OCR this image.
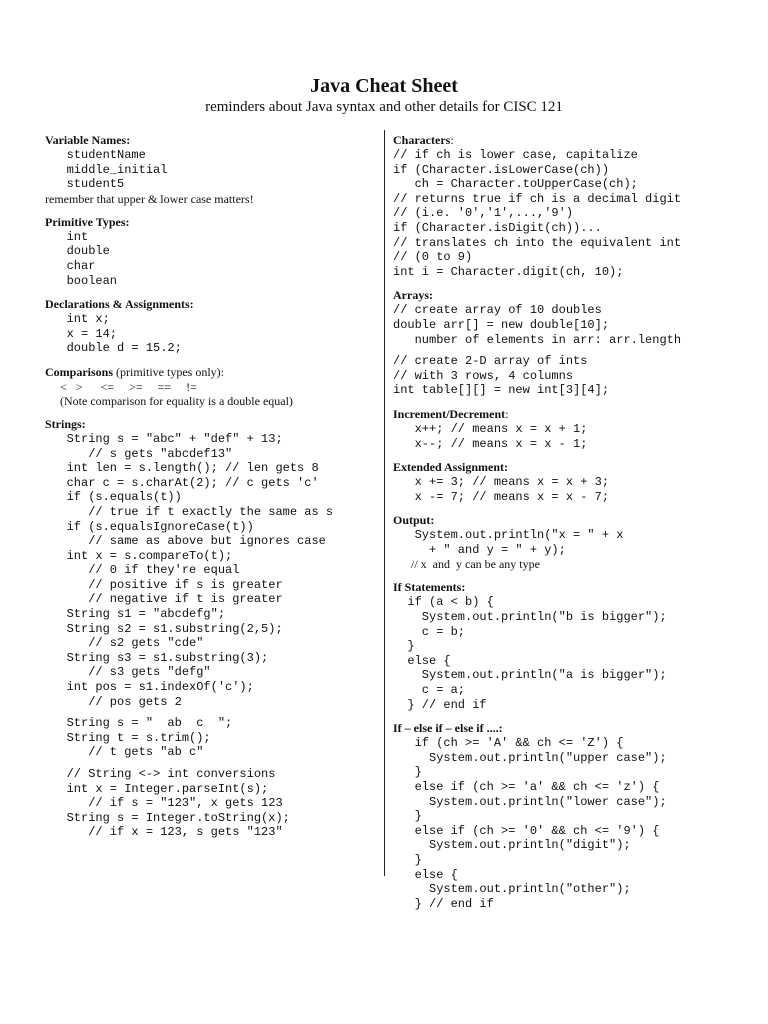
Java Cheat Sheet
reminders about Java syntax and other details for CISC 121
Variable Names:
studentName
middle_initial
student5
remember that upper & lower case matters!
Primitive Types:
int
double
char
boolean
Declarations & Assignments:
int x;
x = 14;
double d = 15.2;
Comparisons (primitive types only):
<   >      <=     >=     ==     !=
(Note comparison for equality is a double equal)
Strings:
String s = "abc" + "def" + 13;
// s gets "abcdef13"
int len = s.length(); // len gets 8
char c = s.charAt(2); // c gets 'c'
if (s.equals(t))
// true if t exactly the same as s
if (s.equalsIgnoreCase(t))
// same as above but ignores case
int x = s.compareTo(t);
// 0 if they're equal
// positive if s is greater
// negative if t is greater
String s1 = "abcdefg";
String s2 = s1.substring(2,5);
// s2 gets "cde"
String s3 = s1.substring(3);
// s3 gets "defg"
int pos = s1.indexOf('c');
// pos gets 2
String s = "  ab  c  ";
String t = s.trim();
// t gets "ab c"
// String <-> int conversions
int x = Integer.parseInt(s);
// if s = "123", x gets 123
String s = Integer.toString(x);
// if x = 123, s gets "123"
Characters:
// if ch is lower case, capitalize
if (Character.isLowerCase(ch))
ch = Character.toUpperCase(ch);
// returns true if ch is a decimal digit
// (i.e. '0','1',...,'9')
if (Character.isDigit(ch))...
// translates ch into the equivalent int
// (0 to 9)
int i = Character.digit(ch, 10);
Arrays:
// create array of 10 doubles
double arr[] = new double[10];
number of elements in arr: arr.length
// create 2-D array of ints
// with 3 rows, 4 columns
int table[][] = new int[3][4];
Increment/Decrement:
x++; // means x = x + 1;
x--; // means x = x - 1;
Extended Assignment:
x += 3; // means x = x + 3;
x -= 7; // means x = x - 7;
Output:
System.out.println("x = " + x
+ " and y = " + y);
// x  and  y can be any type
If Statements:
if (a < b) {
System.out.println("b is bigger");
c = b;
}
else {
System.out.println("a is bigger");
c = a;
} // end if
If – else if – else if ....:
if (ch >= 'A' && ch <= 'Z') {
System.out.println("upper case");
}
else if (ch >= 'a' && ch <= 'z') {
System.out.println("lower case");
}
else if (ch >= '0' && ch <= '9') {
System.out.println("digit");
}
else {
System.out.println("other");
} // end if
